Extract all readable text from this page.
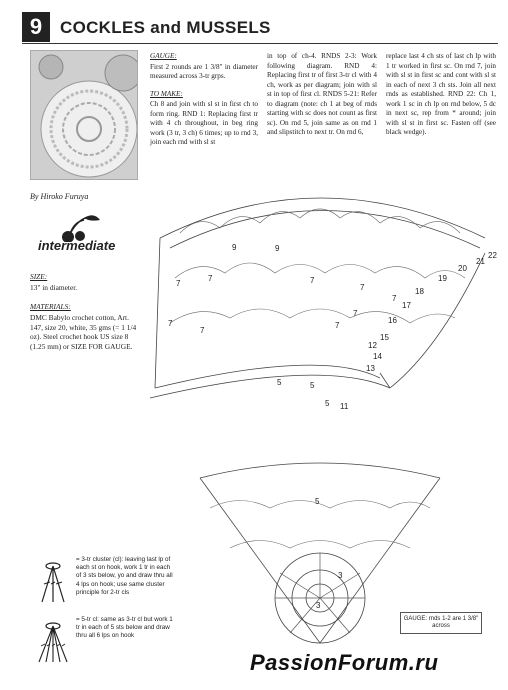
9	COCKLES and MUSSELS
By Hiroko Furuya
intermediate
SIZE:
13" in diameter.
MATERIALS:
DMC Babylo crochet cotton, Art. 147, size 20, white, 35 gms (= 1 1/4 oz). Steel crochet hook US size 8 (1.25 mm) or SIZE FOR GAUGE.
GAUGE:
First 2 rounds are 1 3/8" in diameter measured across 3-tr grps.
TO MAKE:
Ch 8 and join with sl st in first ch to form ring. RND 1: Replacing first tr with 4 ch throughout, in beg ring work (3 tr, 3 ch) 6 times; up to rnd 3, join each rnd with sl st
in top of ch-4. RNDS 2-3: Work following diagram. RND 4: Replacing first tr of first 3-tr cl with 4 ch, work as per diagram; join with sl st in top of first cl. RNDS 5-21: Refer to diagram (note: ch 1 at beg of rnds starting with sc does not count as first sc). On rnd 5, join same as on rnd 1 and slipstitch to next tr. On rnd 6,
replace last 4 ch sts of last ch lp with 1 tr worked in first sc. On rnd 7, join with sl st in first sc and cont with sl st in each of next 3 ch sts. Join all next rnds as established. RND 22: Ch 1, work 1 sc in ch lp on rnd below, 5 dc in next sc, rep from * around; join with sl st in first sc. Fasten off (see black wedge).
9	9
7
7	7
7
7
7	7
7
7
5	5
5
5
3
3
11
12
13
14
15
16
17
18
19
20
21
22
= 3-tr cluster (cl): leaving last lp of each st on hook, work 1 tr in each of 3 sts below, yo and draw thru all 4 lps on hook; use same cluster principle for 2-tr cls
= 5-tr cl: same as 3-tr cl but work 1 tr in each of 5 sts below and draw thru all 6 lps on hook
GAUGE: rnds 1-2 are 1 3/8" across
PassionForum.ru
